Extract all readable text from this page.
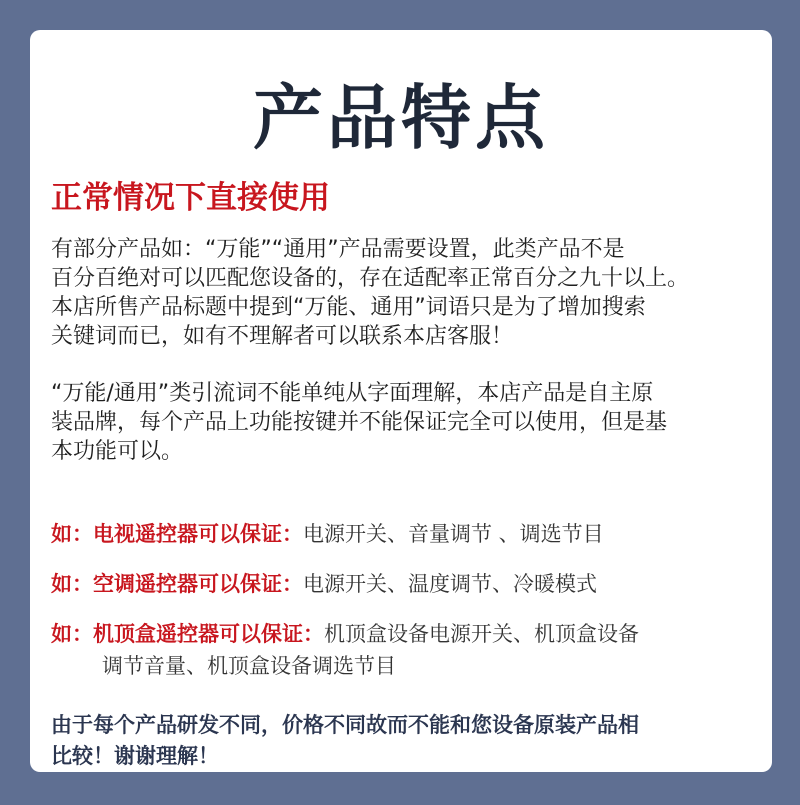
产品特点
正常情况下直接使用
有部分产品如：“万能”“通用”产品需要设置，此类产品不是
百分百绝对可以匹配您设备的，存在适配率正常百分之九十以上。
本店所售产品标题中提到“万能、通用”词语只是为了增加搜索
关键词而已，如有不理解者可以联系本店客服！
“万能/通用”类引流词不能单纯从字面理解，本店产品是自主原
装品牌，每个产品上功能按键并不能保证完全可以使用，但是基
本功能可以。
如：电视遥控器可以保证：电源开关、音量调节 、调选节目
如：空调遥控器可以保证：电源开关、温度调节、冷暖模式
如：机顶盒遥控器可以保证：机顶盒设备电源开关、机顶盒设备
调节音量、机顶盒设备调选节目
由于每个产品研发不同，价格不同故而不能和您设备原装产品相
比较！谢谢理解！
